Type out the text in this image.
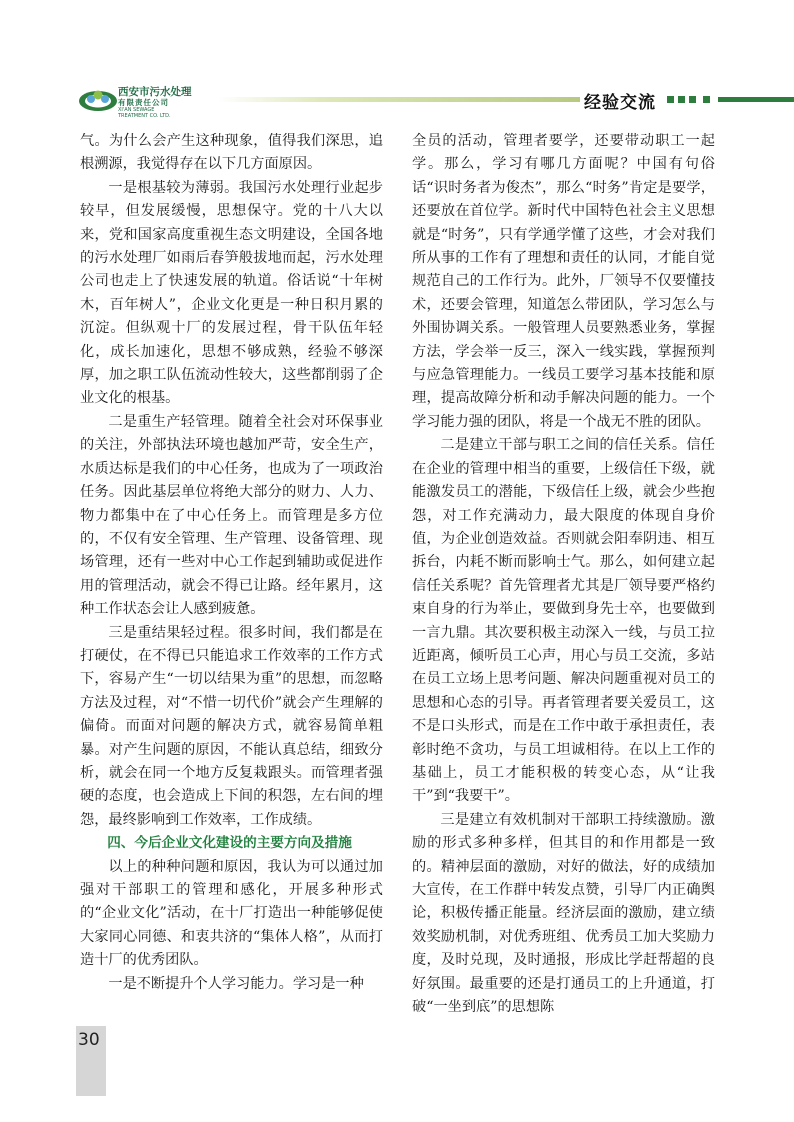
西安市污水处理
有限责任公司
XI'AN SEWAGE
TREATMENT CO. LTD.
经验交流

气。为什么会产生这种现象，值得我们深思，追根溯源，我觉得存在以下几方面原因。

一是根基较为薄弱。我国污水处理行业起步较早，但发展缓慢，思想保守。党的十八大以来，党和国家高度重视生态文明建设，全国各地的污水处理厂如雨后春笋般拔地而起，污水处理公司也走上了快速发展的轨道。俗话说“十年树木，百年树人”，企业文化更是一种日积月累的沉淀。但纵观十厂的发展过程，骨干队伍年轻化，成长加速化，思想不够成熟，经验不够深厚，加之职工队伍流动性较大，这些都削弱了企业文化的根基。

二是重生产轻管理。随着全社会对环保事业的关注，外部执法环境也越加严苛，安全生产，水质达标是我们的中心任务，也成为了一项政治任务。因此基层单位将绝大部分的财力、人力、物力都集中在了中心任务上。而管理是多方位的，不仅有安全管理、生产管理、设备管理、现场管理，还有一些对中心工作起到辅助或促进作用的管理活动，就会不得已让路。经年累月，这种工作状态会让人感到疲惫。

三是重结果轻过程。很多时间，我们都是在打硬仗，在不得已只能追求工作效率的工作方式下，容易产生“一切以结果为重”的思想，而忽略方法及过程，对“不惜一切代价”就会产生理解的偏倚。而面对问题的解决方式，就容易简单粗暴。对产生问题的原因，不能认真总结，细致分析，就会在同一个地方反复栽跟头。而管理者强硬的态度，也会造成上下间的积怨，左右间的埋怨，最终影响到工作效率，工作成绩。

四、今后企业文化建设的主要方向及措施

以上的种种问题和原因，我认为可以通过加强对干部职工的管理和感化，开展多种形式的“企业文化”活动，在十厂打造出一种能够促使大家同心同德、和衷共济的“集体人格”，从而打造十厂的优秀团队。

一是不断提升个人学习能力。学习是一种

全员的活动，管理者要学，还要带动职工一起学。那么，学习有哪几方面呢？中国有句俗话“识时务者为俊杰”，那么“时务”肯定是要学，还要放在首位学。新时代中国特色社会主义思想就是“时务”，只有学通学懂了这些，才会对我们所从事的工作有了理想和责任的认同，才能自觉规范自己的工作行为。此外，厂领导不仅要懂技术，还要会管理，知道怎么带团队，学习怎么与外围协调关系。一般管理人员要熟悉业务，掌握方法，学会举一反三，深入一线实践，掌握预判与应急管理能力。一线员工要学习基本技能和原理，提高故障分析和动手解决问题的能力。一个学习能力强的团队，将是一个战无不胜的团队。

二是建立干部与职工之间的信任关系。信任在企业的管理中相当的重要，上级信任下级，就能激发员工的潜能，下级信任上级，就会少些抱怨，对工作充满动力，最大限度的体现自身价值，为企业创造效益。否则就会阳奉阴违、相互拆台，内耗不断而影响士气。那么，如何建立起信任关系呢？首先管理者尤其是厂领导要严格约束自身的行为举止，要做到身先士卒，也要做到一言九鼎。其次要积极主动深入一线，与员工拉近距离，倾听员工心声，用心与员工交流，多站在员工立场上思考问题、解决问题重视对员工的思想和心态的引导。再者管理者要关爱员工，这不是口头形式，而是在工作中敢于承担责任，表彰时绝不贪功，与员工坦诚相待。在以上工作的基础上，员工才能积极的转变心态，从“让我干”到“我要干”。

三是建立有效机制对干部职工持续激励。激励的形式多种多样，但其目的和作用都是一致的。精神层面的激励，对好的做法，好的成绩加大宣传，在工作群中转发点赞，引导厂内正确舆论，积极传播正能量。经济层面的激励，建立绩效奖励机制，对优秀班组、优秀员工加大奖励力度，及时兑现，及时通报，形成比学赶帮超的良好氛围。最重要的还是打通员工的上升通道，打破“一坐到底”的思想陈

30
